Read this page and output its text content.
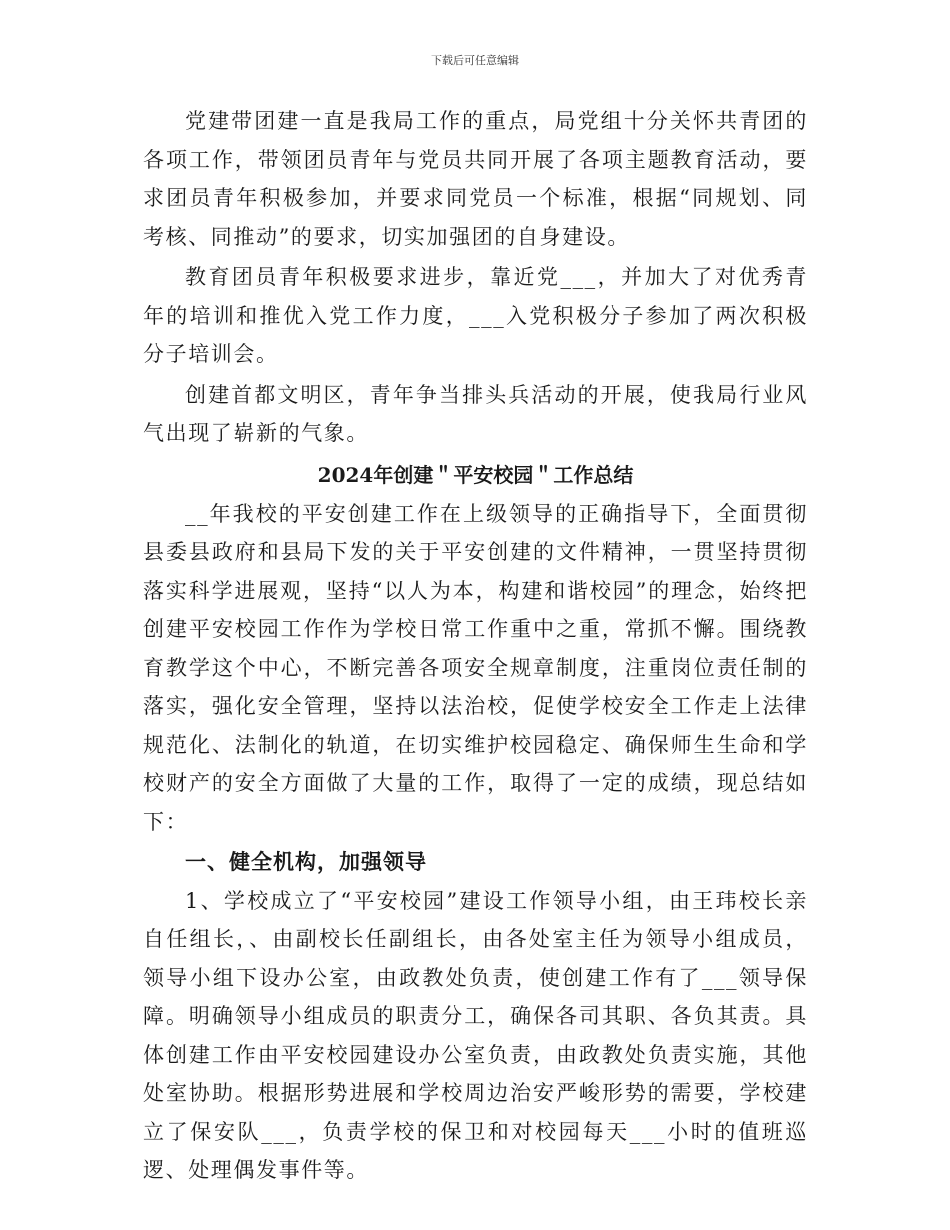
下载后可任意编辑

党建带团建一直是我局工作的重点，局党组十分关怀共青团的各项工作，带领团员青年与党员共同开展了各项主题教育活动，要求团员青年积极参加，并要求同党员一个标准，根据“同规划、同考核、同推动”的要求，切实加强团的自身建设。

教育团员青年积极要求进步，靠近党___，并加大了对优秀青年的培训和推优入党工作力度，___入党积极分子参加了两次积极分子培训会。

创建首都文明区，青年争当排头兵活动的开展，使我局行业风气出现了崭新的气象。

2024年创建＂平安校园＂工作总结

__年我校的平安创建工作在上级领导的正确指导下，全面贯彻县委县政府和县局下发的关于平安创建的文件精神，一贯坚持贯彻落实科学进展观，坚持“以人为本，构建和谐校园”的理念，始终把创建平安校园工作作为学校日常工作重中之重，常抓不懈。围绕教育教学这个中心，不断完善各项安全规章制度，注重岗位责任制的落实，强化安全管理，坚持以法治校，促使学校安全工作走上法律规范化、法制化的轨道，在切实维护校园稳定、确保师生生命和学校财产的安全方面做了大量的工作，取得了一定的成绩，现总结如下：

一、健全机构，加强领导

1、学校成立了“平安校园”建设工作领导小组，由王玮校长亲自任组长，、由副校长任副组长，由各处室主任为领导小组成员，领导小组下设办公室，由政教处负责，使创建工作有了___领导保障。明确领导小组成员的职责分工，确保各司其职、各负其责。具体创建工作由平安校园建设办公室负责，由政教处负责实施，其他处室协助。根据形势进展和学校周边治安严峻形势的需要，学校建立了保安队___，负责学校的保卫和对校园每天___小时的值班巡逻、处理偶发事件等。
